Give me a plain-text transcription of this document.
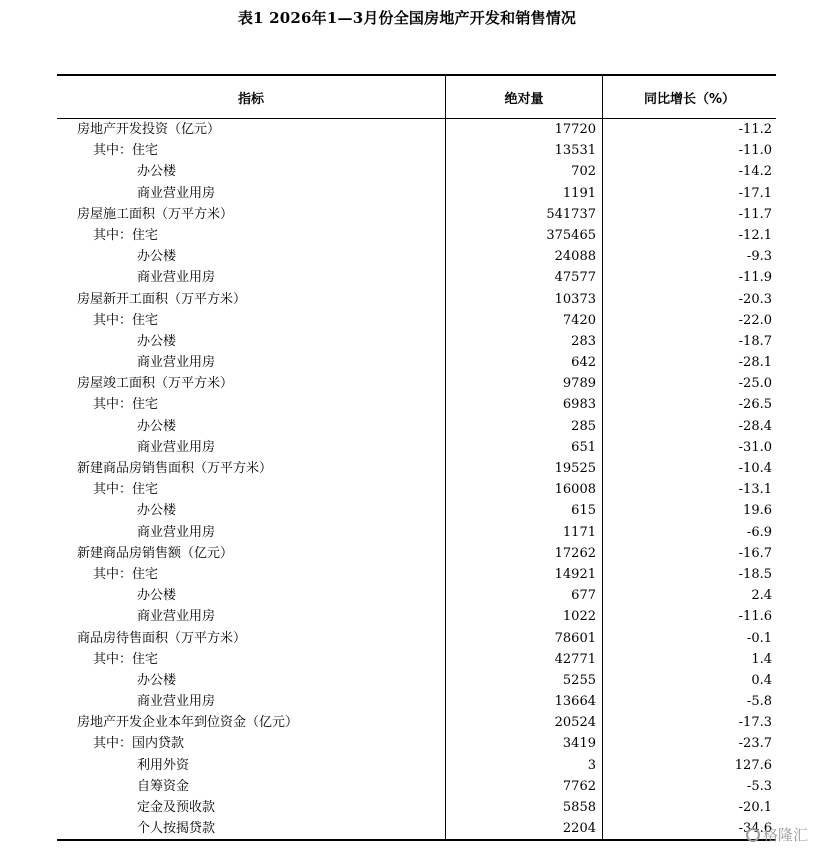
表1 2026年1—3月份全国房地产开发和销售情况
指标	绝对量	同比增长（%）
房地产开发投资（亿元）	17720	-11.2
其中：住宅	13531	-11.0
办公楼	702	-14.2
商业营业用房	1191	-17.1
房屋施工面积（万平方米）	541737	-11.7
其中：住宅	375465	-12.1
办公楼	24088	-9.3
商业营业用房	47577	-11.9
房屋新开工面积（万平方米）	10373	-20.3
其中：住宅	7420	-22.0
办公楼	283	-18.7
商业营业用房	642	-28.1
房屋竣工面积（万平方米）	9789	-25.0
其中：住宅	6983	-26.5
办公楼	285	-28.4
商业营业用房	651	-31.0
新建商品房销售面积（万平方米）	19525	-10.4
其中：住宅	16008	-13.1
办公楼	615	19.6
商业营业用房	1171	-6.9
新建商品房销售额（亿元）	17262	-16.7
其中：住宅	14921	-18.5
办公楼	677	2.4
商业营业用房	1022	-11.6
商品房待售面积（万平方米）	78601	-0.1
其中：住宅	42771	1.4
办公楼	5255	0.4
商业营业用房	13664	-5.8
房地产开发企业本年到位资金（亿元）	20524	-17.3
其中：国内贷款	3419	-23.7
利用外资	3	127.6
自筹资金	7762	-5.3
定金及预收款	5858	-20.1
个人按揭贷款	2204	-34.6
格隆汇
